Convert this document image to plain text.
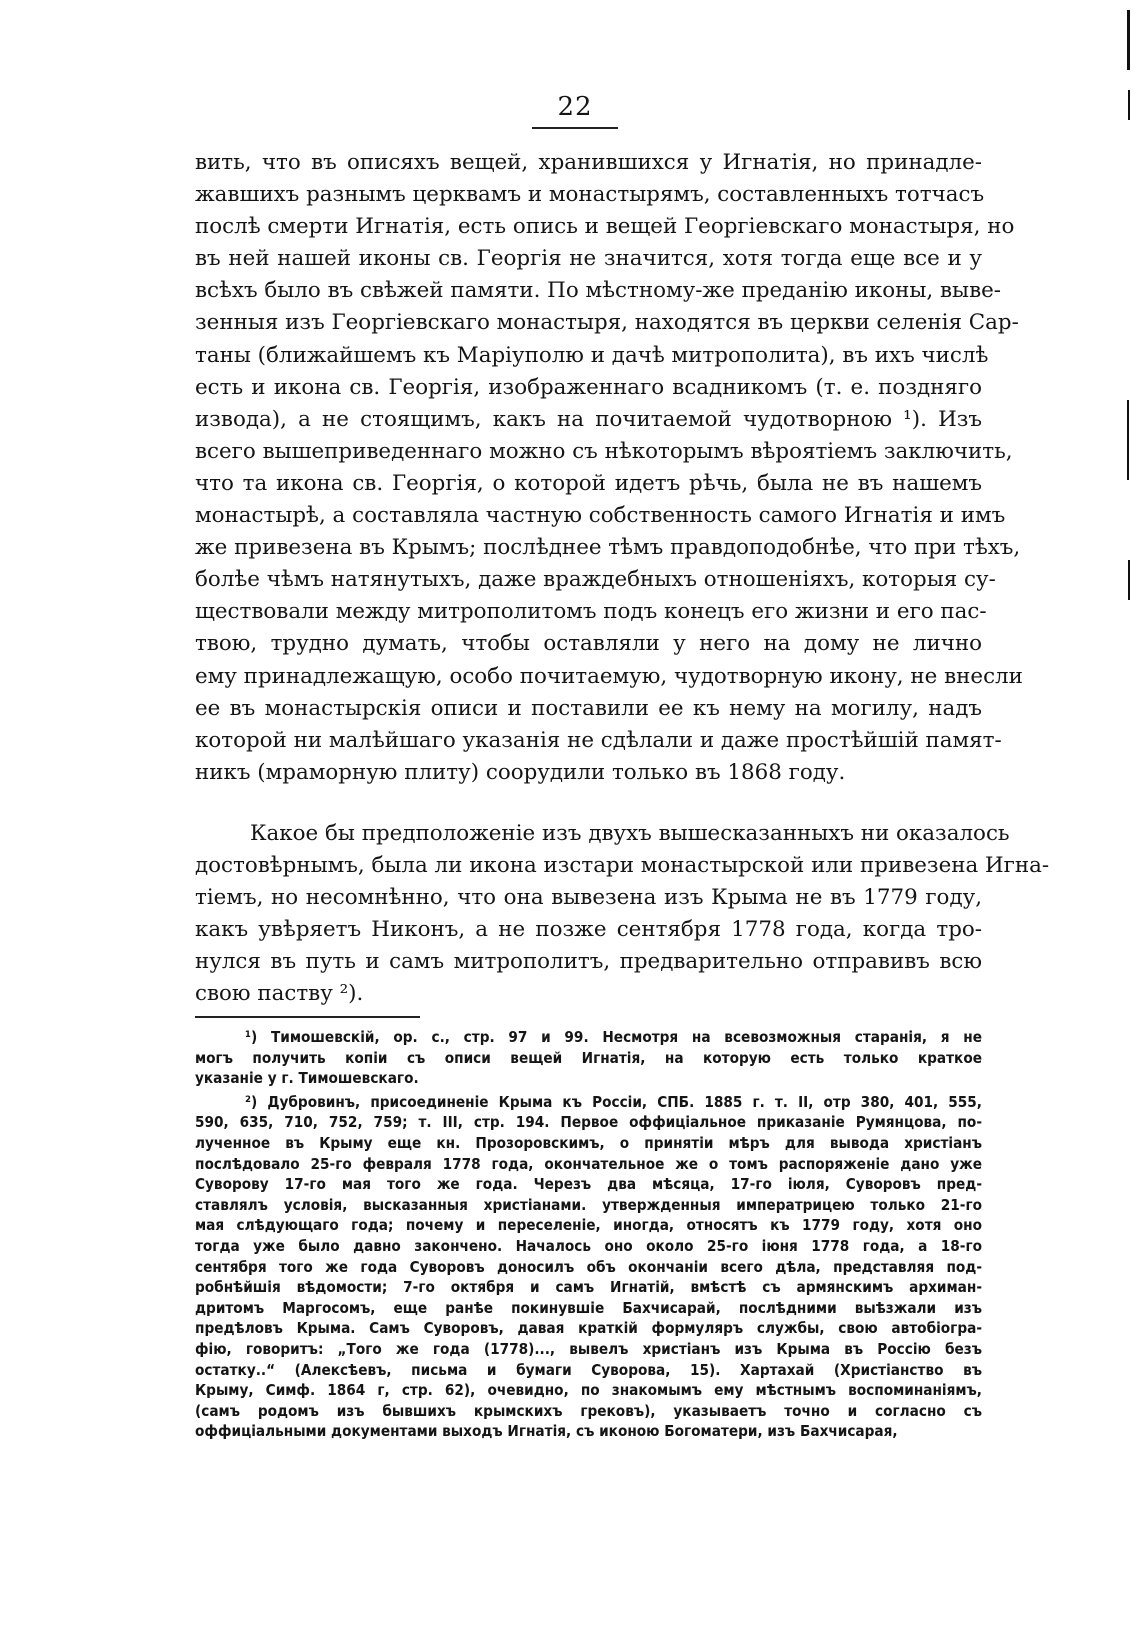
22
вить, что въ описяхъ вещей, хранившихся у Игнатія, но принадле-
жавшихъ разнымъ церквамъ и монастырямъ, составленныхъ тотчасъ
послѣ смерти Игнатія, есть опись и вещей Георгіевскаго монастыря, но
въ ней нашей иконы св. Георгія не значится, хотя тогда еще все и у
всѣхъ было въ свѣжей памяти. По мѣстному-же преданію иконы, выве-
зенныя изъ Георгіевскаго монастыря, находятся въ церкви селенія Сар-
таны (ближайшемъ къ Маріуполю и дачѣ митрополита), въ ихъ числѣ
есть и икона св. Георгія, изображеннаго всадникомъ (т. е. поздняго
извода), а не стоящимъ, какъ на почитаемой чудотворною ¹). Изъ
всего вышеприведеннаго можно съ нѣкоторымъ вѣроятіемъ заключить,
что та икона св. Георгія, о которой идетъ рѣчь, была не въ нашемъ
монастырѣ, а составляла частную собственность самого Игнатія и имъ
же привезена въ Крымъ; послѣднее тѣмъ правдоподобнѣе, что при тѣхъ,
болѣе чѣмъ натянутыхъ, даже враждебныхъ отношеніяхъ, которыя су-
ществовали между митрополитомъ подъ конецъ его жизни и его пас-
твою, трудно думать, чтобы оставляли у него на дому не лично
ему принадлежащую, особо почитаемую, чудотворную икону, не внесли
ее въ монастырскія описи и поставили ее къ нему на могилу, надъ
которой ни малѣйшаго указанія не сдѣлали и даже простѣйшій памят-
никъ (мраморную плиту) соорудили только въ 1868 году.
Какое бы предположеніе изъ двухъ вышесказанныхъ ни оказалось
достовѣрнымъ, была ли икона изстари монастырской или привезена Игна-
тіемъ, но несомнѣнно, что она вывезена изъ Крыма не въ 1779 году,
какъ увѣряетъ Никонъ, а не позже сентября 1778 года, когда тро-
нулся въ путь и самъ митрополитъ, предварительно отправивъ всю
свою паству ²).
¹) Тимошевскій, ор. с., стр. 97 и 99. Несмотря на всевозможныя старанія, я не
могъ получить копіи съ описи вещей Игнатія, на которую есть только краткое
указаніе у г. Тимошевскаго.
²) Дубровинъ, присоединеніе Крыма къ Россіи, СПБ. 1885 г. т. II, отр 380, 401, 555,
590, 635, 710, 752, 759; т. III, стр. 194. Первое оффиціальное приказаніе Румянцова, по-
лученное въ Крыму еще кн. Прозоровскимъ, о принятіи мѣръ для вывода христіанъ
послѣдовало 25-го февраля 1778 года, окончательное же о томъ распоряженіе дано уже
Суворову 17-го мая того же года. Черезъ два мѣсяца, 17-го іюля, Суворовъ пред-
ставлялъ условія, высказанныя христіанами. утвержденныя императрицею только 21-го
мая слѣдующаго года; почему и переселеніе, иногда, относятъ къ 1779 году, хотя оно
тогда уже было давно закончено. Началось оно около 25-го іюня 1778 года, а 18-го
сентября того же года Суворовъ доносилъ объ окончаніи всего дѣла, представляя под-
робнѣйшія вѣдомости; 7-го октября и самъ Игнатій, вмѣстѣ съ армянскимъ архиман-
дритомъ Маргосомъ, еще ранѣе покинувшіе Бахчисарай, послѣдними выѣзжали изъ
предѣловъ Крыма. Самъ Суворовъ, давая краткій формуляръ службы, свою автобіогра-
фію, говоритъ: „Того же года (1778)..., вывелъ христіанъ изъ Крыма въ Россію безъ
остатку..“ (Алексѣевъ, письма и бумаги Суворова, 15). Хартахай (Христіанство въ
Крыму, Симф. 1864 г, стр. 62), очевидно, по знакомымъ ему мѣстнымъ воспоминаніямъ,
(самъ родомъ изъ бывшихъ крымскихъ грековъ), указываетъ точно и согласно съ
оффиціальными документами выходъ Игнатія, съ иконою Богоматери, изъ Бахчисарая,
